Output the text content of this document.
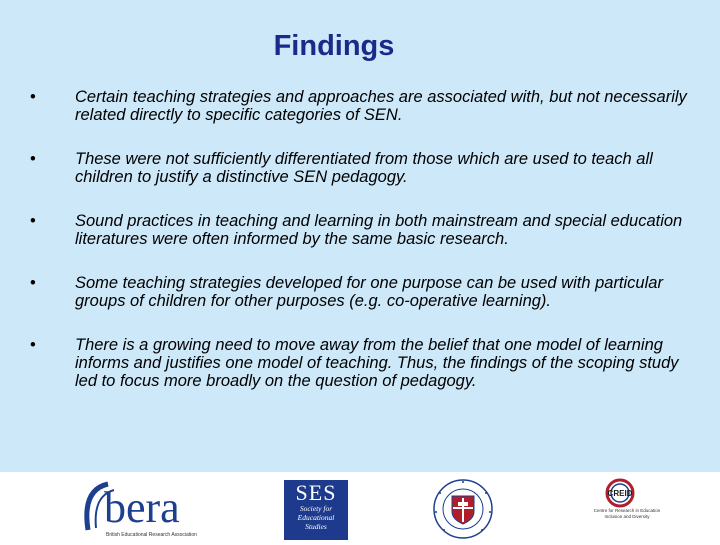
Findings
• Certain teaching strategies and approaches are associated with, but not necessarily related directly to specific categories of SEN.
• These were not sufficiently differentiated from those which are used to teach all children to justify a distinctive SEN pedagogy.
• Sound practices in teaching and learning in both mainstream and special education literatures were often informed by the same basic research.
• Some teaching strategies developed for one purpose can be used with particular groups of children for other purposes (e.g. co-operative learning).
• There is a growing need to move away from the belief that one model of learning informs and justifies one model of teaching. Thus, the findings of the scoping study led to focus more broadly on the question of pedagogy.
bera
British Educational Research Association
SES
Society for
Educational
Studies
CREID
Centre for Research in Education Inclusion and Diversity
